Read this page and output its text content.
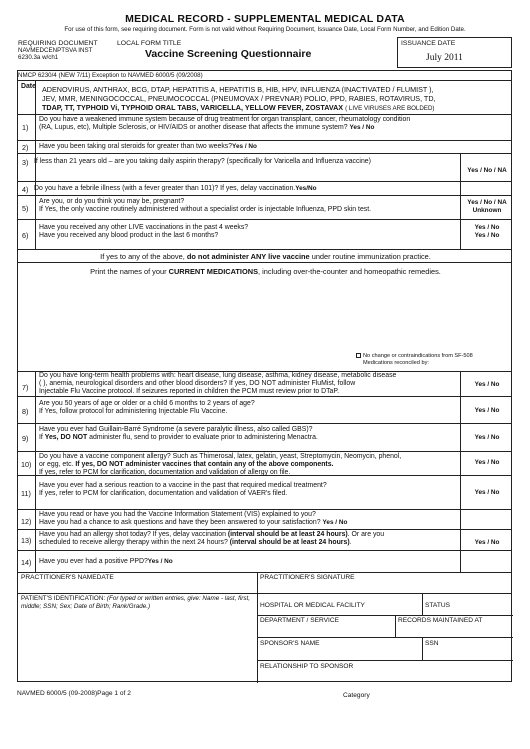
MEDICAL RECORD - SUPPLEMENTAL MEDICAL DATA
For use of this form, see requiring document. Form is not valid without Requiring Document, Issuance Date, Local Form Number, and Edition Date.
REQUIRING DOCUMENT
NAVMEDCENPTSVA INST
6230.3a w/ch1
LOCAL FORM TITLE
Vaccine Screening Questionnaire
ISSUANCE DATE
July 2011
NMCP 6230/4 (NEW 7/11) Exception to NAVMED 6000/5 (09/2008)
Date ADENOVIRUS, ANTHRAX, BCG, DTAP, HEPATITIS A, HEPATITIS B, HIB, HPV, INFLUENZA (INACTIVATED / FLUMIST ),
JEV, MMR, MENINGOCOCCAL, PNEUMOCOCCAL (PNEUMOVAX / PREVNAR) POLIO, PPD, RABIES, ROTAVIRUS, TD,
TDAP, TT, TYPHOID Vi, TYPHOID ORAL TABS, VARICELLA, YELLOW FEVER, ZOSTAVAX ( LIVE VIRUSES ARE BOLDED)
1)
Do you have a weakened immune system because of drug treatment for organ transplant, cancer, rheumatology condition
(RA, Lupus, etc), Multiple Sclerosis, or HIV/AIDS or another disease that affects the immune system? Yes / No
2) Have you been taking oral steroids for greater than two weeks?Yes / No
3) If less than 21 years old – are you taking daily aspirin therapy? (specifically for Varicella and Influenza vaccine)
Yes / No / NA
4) Do you have a febrile illness (with a fever greater than 101)? If yes, delay vaccination.Yes/No
5)
Are you, or do you think you may be, pregnant?
If Yes, the only vaccine routinely administered without a specialist order is injectable Influenza, PPD skin test.
Yes / No / NA
Unknown
6)
Have you received any other LIVE vaccinations in the past 4 weeks?
Have you received any blood product in the last 6 months?
Yes / No
Yes / No
If yes to any of the above, do not administer ANY live vaccine under routine immunization practice.
Print the names of your CURRENT MEDICATIONS, including over-the-counter and homeopathic remedies.
No change or contraindications from SF-508
Medications reconciled by:
7)
Do you have long-term health problems with: heart disease, lung disease, asthma, kidney disease, metabolic disease
( ), anemia, neurological disorders and other blood disorders? If yes, DO NOT administer FluMist, follow
Injectable Flu Vaccine protocol. If seizures reported in children the PCM must review prior to DTaP.
Yes / No
8)
Are you 50 years of age or older or a child 6 months to 2 years of age?
If Yes, follow protocol for administering Injectable Flu Vaccine.	Yes / No
9)
Have you ever had Guillain-Barré Syndrome (a severe paralytic illness, also called GBS)?
If Yes, DO NOT administer flu, send to provider to evaluate prior to administering Menactra.	Yes / No
10)
Do you have a vaccine component allergy? Such as Thimerosal, latex, gelatin, yeast, Streptomycin, Neomycin, phenol,
or egg, etc. If yes, DO NOT administer vaccines that contain any of the above components.
If yes, refer to PCM for clarification, documentation and validation of allergy on file.
Yes / No
11)
Have you ever had a serious reaction to a vaccine in the past that required medical treatment?
If yes, refer to PCM for clarification, documentation and validation of VAER's filed.	Yes / No
12)
Have you read or have you had the Vaccine Information Statement (VIS) explained to you?
Have you had a chance to ask questions and have they been answered to your satisfaction? Yes / No
13)
Have you had an allergy shot today? If yes, delay vaccination (interval should be at least 24 hours). Or are you
scheduled to receive allergy therapy within the next 24 hours? (interval should be at least 24 hours).	Yes / No
14) Have you ever had a positive PPD?Yes / No
PRACTITIONER'S NAMEDATE	PRACTITIONER'S SIGNATURE
PATIENT'S IDENTIFICATION: (For typed or written entries, give: Name - last, first, middle; SSN; Sex; Date of Birth; Rank/Grade.)	HOSPITAL OR MEDICAL FACILITY	STATUS
DEPARTMENT / SERVICE	RECORDS MAINTAINED AT
SPONSOR'S NAME	SSN
RELATIONSHIP TO SPONSOR
NAVMED 6000/5 (09-2008)Page 1 of 2	Category
